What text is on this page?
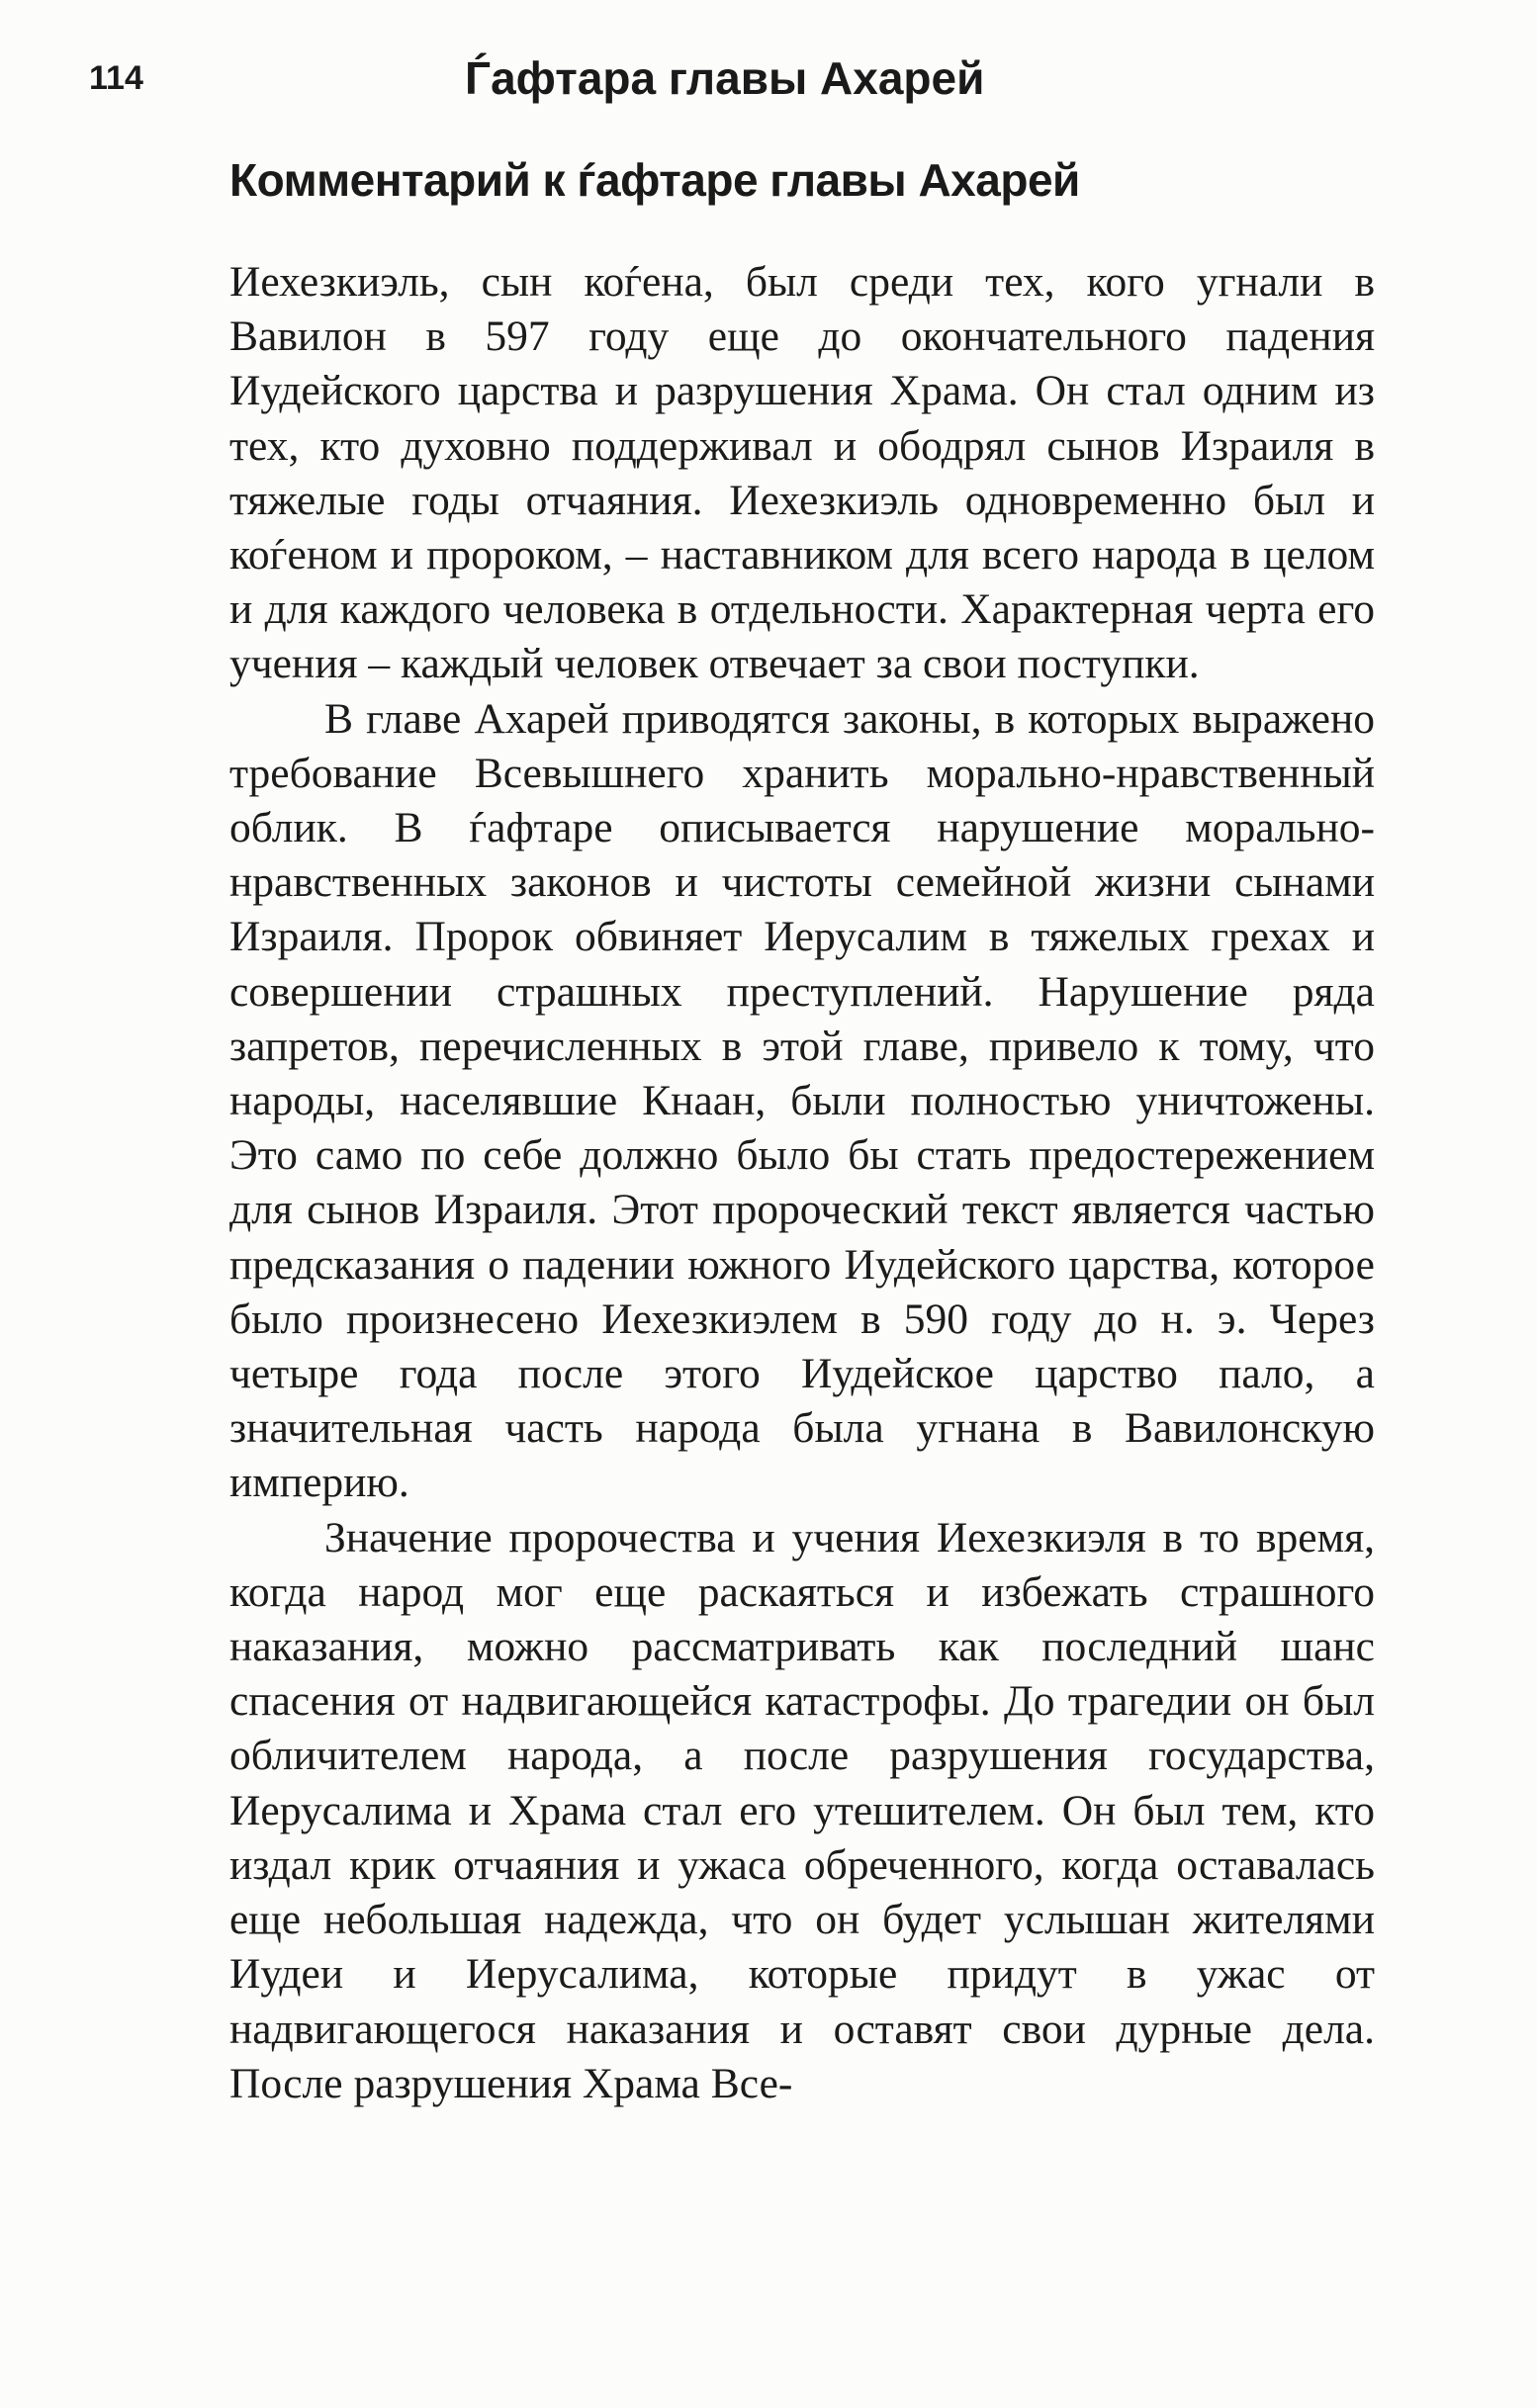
114	Ѓафтара главы Ахарей
Комментарий к ѓафтаре главы Ахарей

Иехезкиэль, сын коѓена, был среди тех, кого угнали в Вавилон в 597 году еще до окончательного падения Иудейского царства и разрушения Храма. Он стал одним из тех, кто духовно поддерживал и ободрял сынов Израиля в тяжелые годы отчаяния. Иехезкиэль одновременно был и коѓеном и пророком, – наставником для всего народа в целом и для каждого человека в отдельности. Характерная черта его учения – каждый человек отвечает за свои поступки.

В главе Ахарей приводятся законы, в которых выражено требование Всевышнего хранить морально-нравственный облик. В ѓафтаре описывается нарушение морально-нравственных законов и чистоты семейной жизни сынами Израиля. Пророк обвиняет Иерусалим в тяжелых грехах и совершении страшных преступлений. Нарушение ряда запретов, перечисленных в этой главе, привело к тому, что народы, населявшие Кнаан, были полностью уничтожены. Это само по себе должно было бы стать предостережением для сынов Израиля. Этот пророческий текст является частью предсказания о падении южного Иудейского царства, которое было произнесено Иехезкиэлем в 590 году до н. э. Через четыре года после этого Иудейское царство пало, а значительная часть народа была угнана в Вавилонскую империю.

Значение пророчества и учения Иехезкиэля в то время, когда народ мог еще раскаяться и избежать страшного наказания, можно рассматривать как последний шанс спасения от надвигающейся катастрофы. До трагедии он был обличителем народа, а после разрушения государства, Иерусалима и Храма стал его утешителем. Он был тем, кто издал крик отчаяния и ужаса обреченного, когда оставалась еще небольшая надежда, что он будет услышан жителями Иудеи и Иерусалима, которые придут в ужас от надвигающегося наказания и оставят свои дурные дела. После разрушения Храма Все-
